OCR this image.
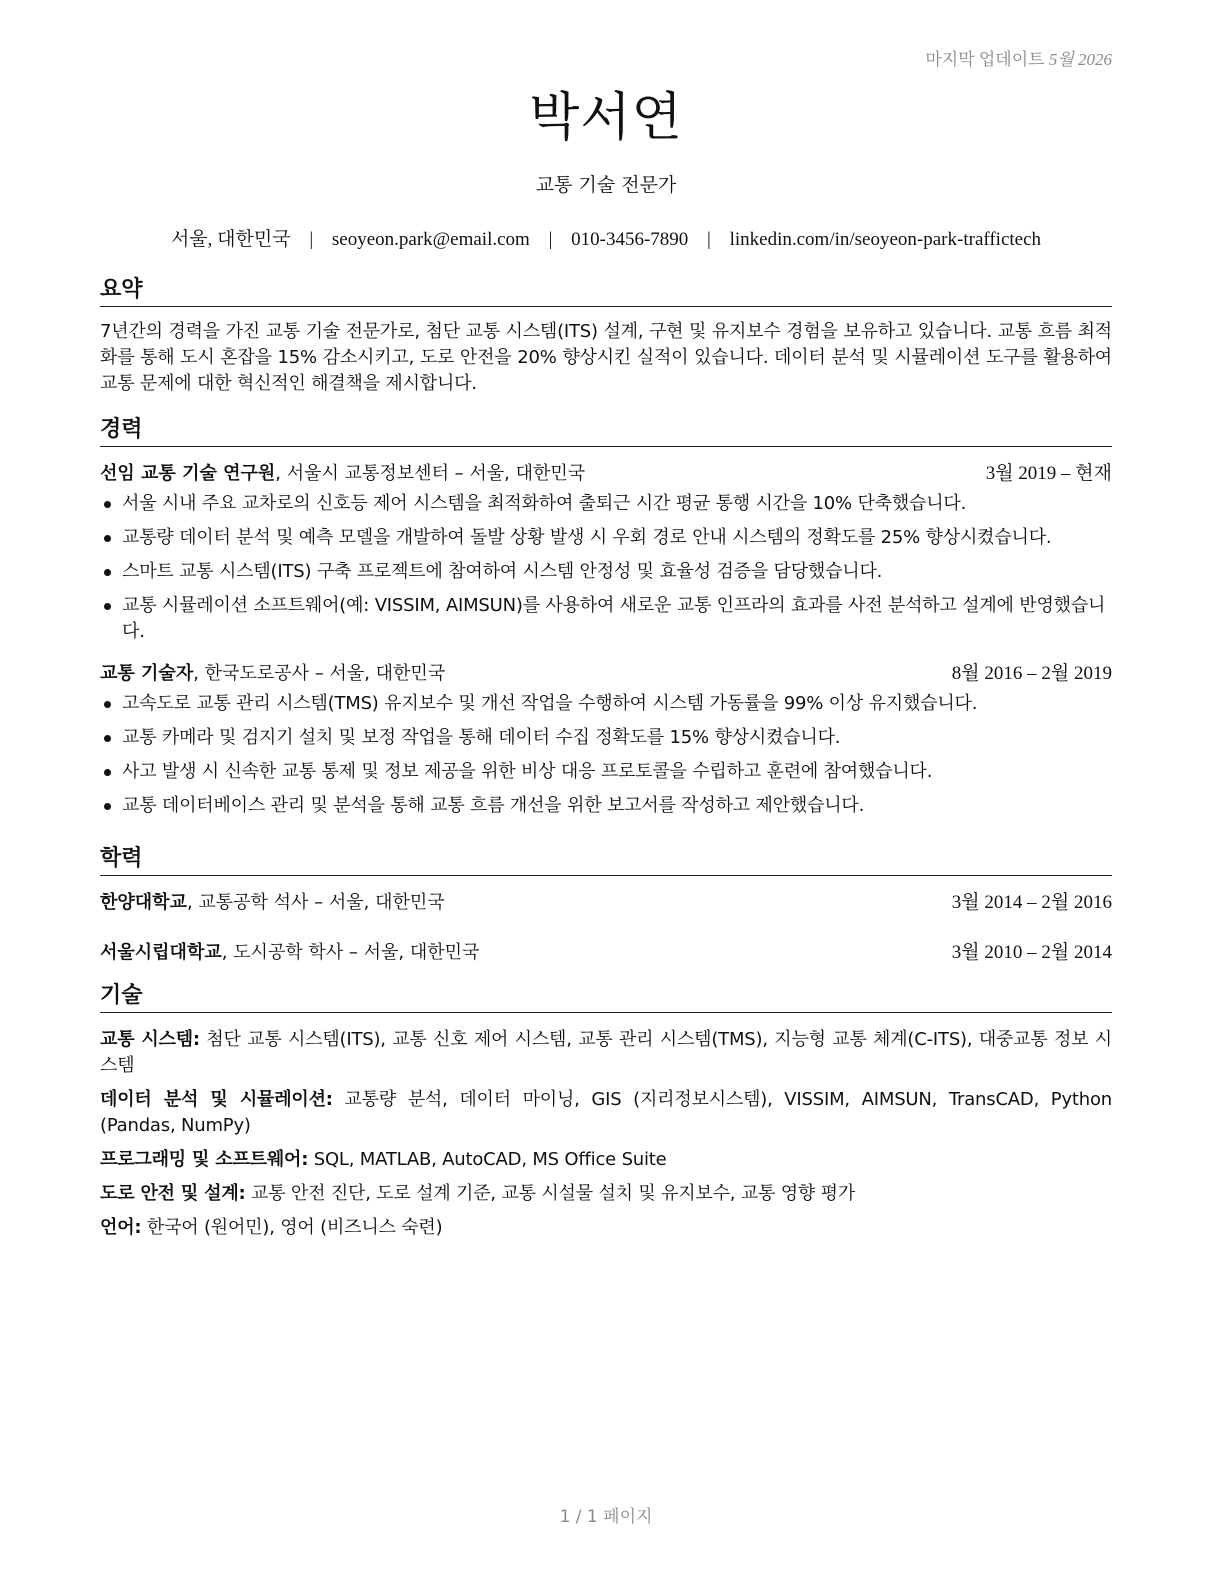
마지막 업데이트 5월 2026
박서연
교통 기술 전문가
서울, 대한민국 | seoyeon.park@email.com | 010-3456-7890 | linkedin.com/in/seoyeon-park-traffictech
요약
7년간의 경력을 가진 교통 기술 전문가로, 첨단 교통 시스템(ITS) 설계, 구현 및 유지보수 경험을 보유하고 있습니다. 교통 흐름 최적화를 통해 도시 혼잡을 15% 감소시키고, 도로 안전을 20% 향상시킨 실적이 있습니다. 데이터 분석 및 시뮬레이션 도구를 활용하여 교통 문제에 대한 혁신적인 해결책을 제시합니다.
경력
선임 교통 기술 연구원, 서울시 교통정보센터 – 서울, 대한민국	3월 2019 – 현재
서울 시내 주요 교차로의 신호등 제어 시스템을 최적화하여 출퇴근 시간 평균 통행 시간을 10% 단축했습니다.
교통량 데이터 분석 및 예측 모델을 개발하여 돌발 상황 발생 시 우회 경로 안내 시스템의 정확도를 25% 향상시켰습니다.
스마트 교통 시스템(ITS) 구축 프로젝트에 참여하여 시스템 안정성 및 효율성 검증을 담당했습니다.
교통 시뮬레이션 소프트웨어(예: VISSIM, AIMSUN)를 사용하여 새로운 교통 인프라의 효과를 사전 분석하고 설계에 반영했습니다.
교통 기술자, 한국도로공사 – 서울, 대한민국	8월 2016 – 2월 2019
고속도로 교통 관리 시스템(TMS) 유지보수 및 개선 작업을 수행하여 시스템 가동률을 99% 이상 유지했습니다.
교통 카메라 및 검지기 설치 및 보정 작업을 통해 데이터 수집 정확도를 15% 향상시켰습니다.
사고 발생 시 신속한 교통 통제 및 정보 제공을 위한 비상 대응 프로토콜을 수립하고 훈련에 참여했습니다.
교통 데이터베이스 관리 및 분석을 통해 교통 흐름 개선을 위한 보고서를 작성하고 제안했습니다.
학력
한양대학교, 교통공학 석사 – 서울, 대한민국	3월 2014 – 2월 2016
서울시립대학교, 도시공학 학사 – 서울, 대한민국	3월 2010 – 2월 2014
기술
교통 시스템: 첨단 교통 시스템(ITS), 교통 신호 제어 시스템, 교통 관리 시스템(TMS), 지능형 교통 체계(C-ITS), 대중교통 정보 시스템
데이터 분석 및 시뮬레이션: 교통량 분석, 데이터 마이닝, GIS (지리정보시스템), VISSIM, AIMSUN, TransCAD, Python (Pandas, NumPy)
프로그래밍 및 소프트웨어: SQL, MATLAB, AutoCAD, MS Office Suite
도로 안전 및 설계: 교통 안전 진단, 도로 설계 기준, 교통 시설물 설치 및 유지보수, 교통 영향 평가
언어: 한국어 (원어민), 영어 (비즈니스 숙련)
1 / 1 페이지
